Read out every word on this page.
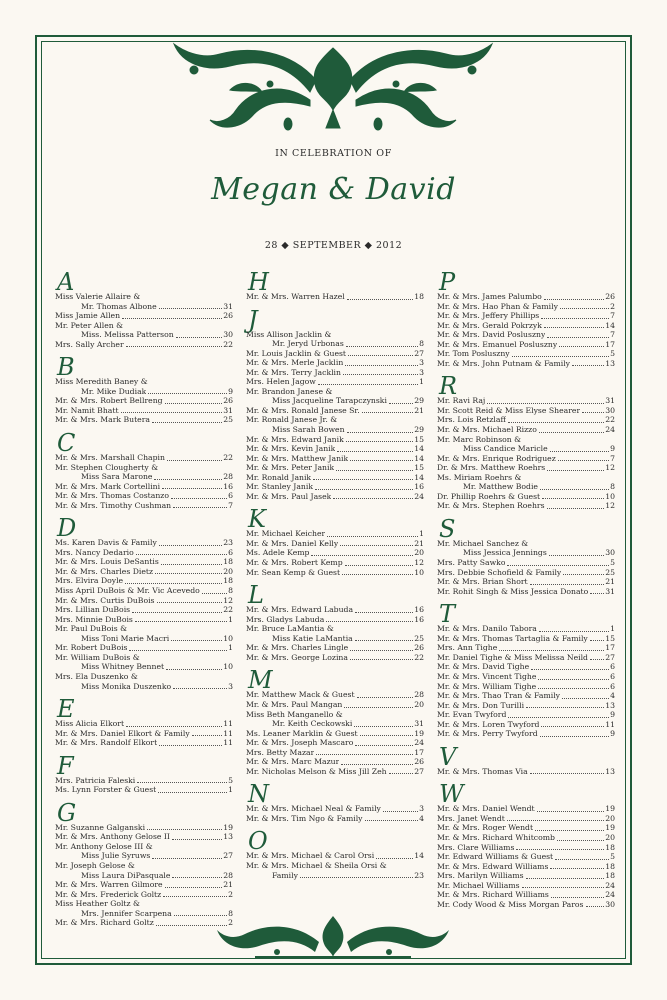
IN CELEBRATION OF
Megan & David
28 ◆ SEPTEMBER ◆ 2012
A
Miss Valerie Allaire &
Mr. Thomas Albone	31
Miss Jamie Allen	26
Mr. Peter Allen &
Miss. Melissa Patterson	30
Mrs. Sally Archer	22
B
Miss Meredith Baney &
Mr. Mike Dudiak	9
Mr. & Mrs. Robert Bellreng	26
Mr. Namit Bhatt	31
Mr. & Mrs. Mark Butera	25
C
Mr. & Mrs. Marshall Chapin	22
Mr. Stephen Clougherty &
Miss Sara Marone	28
Mr. & Mrs. Mark Cortellini	16
Mr. & Mrs. Thomas Costanzo	6
Mr. & Mrs. Timothy Cushman	7
D
Ms. Karen Davis & Family	23
Mrs. Nancy Dedario	6
Mr. & Mrs. Louis DeSantis	18
Mr. & Mrs. Charles Dietz	20
Mrs. Elvira Doyle	18
Miss April DuBois & Mr. Vic Acevedo	8
Mr. & Mrs. Curtis DuBois	12
Mrs. Lillian DuBois	22
Mrs. Minnie DuBois	1
Mr. Paul DuBois &
Miss Toni Marie Macri	10
Mr. Robert DuBois	1
Mr. William DuBois &
Miss Whitney Bennet	10
Mrs. Ela Duszenko &
Miss Monika Duszenko	3
E
Miss Alicia Elkort	11
Mr. & Mrs. Daniel Elkort & Family	11
Mr. & Mrs. Randolf Elkort	11
F
Mrs. Patricia Faleski	5
Ms. Lynn Forster & Guest	1
G
Mr. Suzanne Galganski	19
Mr. & Mrs. Anthony Gelose II	13
Mr. Anthony Gelose III &
Miss Julie Syruws	27
Mr. Joseph Gelose &
Miss Laura DiPasquale	28
Mr. & Mrs. Warren Gilmore	21
Mr. & Mrs. Frederick Goltz	2
Miss Heather Goltz &
Mrs. Jennifer Scarpena	8
Mr. & Mrs. Richard Goltz	2
H
Mr. & Mrs. Warren Hazel	18
J
Miss Allison Jacklin &
Mr. Jeryd Urbonas	8
Mr. Louis Jacklin & Guest	27
Mr. & Mrs. Merle Jacklin	3
Mr. & Mrs. Terry Jacklin	3
Mrs. Helen Jagow	1
Mr. Brandon Janese &
Miss Jacqueline Tarapczynski	29
Mr. & Mrs. Ronald Janese Sr.	21
Mr. Ronald Janese Jr. &
Miss Sarah Bowen	29
Mr. & Mrs. Edward Janik	15
Mr. & Mrs. Kevin Janik	14
Mr. & Mrs. Matthew Janik	14
Mr. & Mrs. Peter Janik	15
Mr. Ronald Janik	14
Mr. Stanley Janik	16
Mr. & Mrs. Paul Jasek	24
K
Mr. Michael Keicher	1
Mr. & Mrs. Daniel Kelly	21
Ms. Adele Kemp	20
Mr. & Mrs. Robert Kemp	12
Mr. Sean Kemp & Guest	10
L
Mr. & Mrs. Edward Labuda	16
Mrs. Gladys Labuda	16
Mr. Bruce LaMantia &
Miss Katie LaMantia	25
Mr. & Mrs. Charles Lingle	26
Mr. & Mrs. George Lozina	22
M
Mr. Matthew Mack & Guest	28
Mr. & Mrs. Paul Mangan	20
Miss Beth Manganello &
Mr. Keith Ceckowski	31
Ms. Leaner Marklin & Guest	19
Mr. & Mrs. Joseph Mascaro	24
Mrs. Betty Mazar	17
Mr. & Mrs. Marc Mazur	26
Mr. Nicholas Melson & Miss Jill Zeh	27
N
Mr. & Mrs. Michael Neal & Family	3
Mr. & Mrs. Tim Ngo & Family	4
O
Mr. & Mrs. Michael & Carol Orsi	14
Mr. & Mrs. Michael & Sheila Orsi &
Family	23
P
Mr. & Mrs. James Palumbo	26
Mr. & Mrs. Hao Phan & Family	2
Mr. & Mrs. Jeffery Phillips	7
Mr. & Mrs. Gerald Pokrzyk	14
Mr. & Mrs. David Posluszny	7
Mr. & Mrs. Emanuel Posluszny	17
Mr. Tom Posluszny	5
Mr. & Mrs. John Putnam & Family	13
R
Mr. Ravi Raj	31
Mr. Scott Reid & Miss Elyse Shearer	30
Mrs. Lois Retzlaff	22
Mr. & Mrs. Michael Rizzo	24
Mr. Marc Robinson &
Miss Candice Maricle	9
Mr. & Mrs. Enrique Rodriguez	7
Dr. & Mrs. Matthew Roehrs	12
Ms. Miriam Roehrs &
Mr. Matthew Bodie	8
Dr. Phillip Roehrs & Guest	10
Mr. & Mrs. Stephen Roehrs	12
S
Mr. Michael Sanchez &
Miss Jessica Jennings	30
Mrs. Patty Sawko	5
Mrs. Debbie Schofield & Family	25
Mr. & Mrs. Brian Short	21
Mr. Rohit Singh & Miss Jessica Donato 31
T
Mr. & Mrs. Danilo Tabora	1
Mr. & Mrs. Thomas Tartaglia & Family 15
Mrs. Ann Tighe	17
Mr. Daniel Tighe & Miss Melissa Neild 27
Mr. & Mrs. David Tighe	6
Mr. & Mrs. Vincent Tighe	6
Mr. & Mrs. William Tighe	6
Mr. & Mrs. Thao Tran & Family	4
Mr. & Mrs. Don Turilli	13
Mr. Evan Twyford	9
Mr. & Mrs. Loren Twyford	11
Mr. & Mrs. Perry Twyford	9
V
Mr. & Mrs. Thomas Via	13
W
Mr. & Mrs. Daniel Wendt	19
Mrs. Janet Wendt	20
Mr. & Mrs. Roger Wendt	19
Mr. & Mrs. Richard Whitcomb	20
Mrs. Clare Williams	18
Mr. Edward Williams & Guest	5
Mr. & Mrs. Edward Williams	18
Mrs. Marilyn Williams	18
Mr. Michael Williams	24
Mr. & Mrs. Richard Williams	24
Mr. Cody Wood & Miss Morgan Paros	30
